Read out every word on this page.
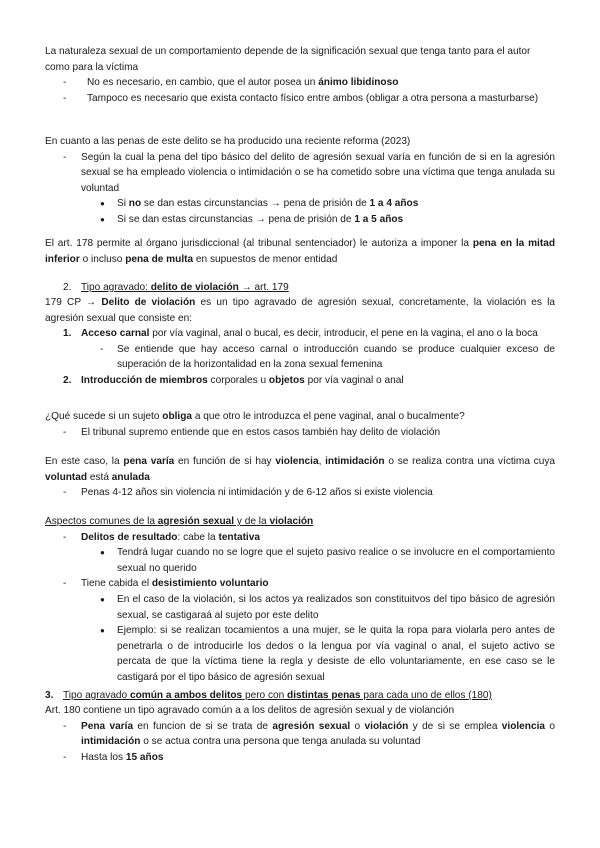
La naturaleza sexual de un comportamiento depende de la significación sexual que tenga tanto para el autor como para la víctima

- No es necesario, en cambio, que el autor posea un ánimo libidinoso
- Tampoco es necesario que exista contacto físico entre ambos (obligar a otra persona a masturbarse)

En cuanto a las penas de este delito se ha producido una reciente reforma (2023)

- Según la cual la pena del tipo básico del delito de agresión sexual varía en función de si en la agresión sexual se ha empleado violencia o intimidación o se ha cometido sobre una víctima que tenga anulada su voluntad
● Si no se dan estas circunstancias → pena de prisión de 1 a 4 años
● Si se dan estas circunstancias → pena de prisión de 1 a 5 años

El art. 178 permite al órgano jurisdiccional (al tribunal sentenciador) le autoriza a imponer la pena en la mitad inferior o incluso pena de multa en supuestos de menor entidad

2. Tipo agravado: delito de violación → art. 179

179 CP → Delito de violación es un tipo agravado de agresión sexual, concretamente, la violación es la agresión sexual que consiste en:

1. Acceso carnal por vía vaginal, anal o bucal, es decir, introducir, el pene en la vagina, el ano o la boca
- Se entiende que hay acceso carnal o introducción cuando se produce cualquier exceso de superación de la horizontalidad en la zona sexual femenina
2. Introducción de miembros corporales u objetos por vía vaginal o anal

¿Qué sucede si un sujeto obliga a que otro le introduzca el pene vaginal, anal o bucalmente?

- El tribunal supremo entiende que en estos casos también hay delito de violación

En este caso, la pena varía en función de si hay violencia, intimidación o se realiza contra una víctima cuya voluntad está anulada

- Penas 4-12 años sin violencia ni intimidación y de 6-12 años si existe violencia

Aspectos comunes de la agresión sexual y de la violación

- Delitos de resultado: cabe la tentativa
● Tendrá lugar cuando no se logre que el sujeto pasivo realice o se involucre en el comportamiento sexual no querido
- Tiene cabida el desistimiento voluntario
● En el caso de la violación, si los actos ya realizados son constituitvos del tipo básico de agresión sexual, se castigaraá al sujeto por este delito
● Ejemplo: si se realizan tocamientos a una mujer, se le quita la ropa para violarla pero antes de penetrarla o de introducirle los dedos o la lengua por vía vaginal o anal, el sujeto activo se percata de que la víctima tiene la regla y desiste de ello voluntariamente, en ese caso se le castigará por el tipo básico de agresión sexual
3. Tipo agravado común a ambos delitos pero con distintas penas para cada uno de ellos (180)

Art. 180 contiene un tipo agravado común a a los delitos de agresión sexual y de violanción

- Pena varía en funcion de si se trata de agresión sexual o violación y de si se emplea violencia o intimidación o se actua contra una persona que tenga anulada su voluntad
- Hasta los 15 años
